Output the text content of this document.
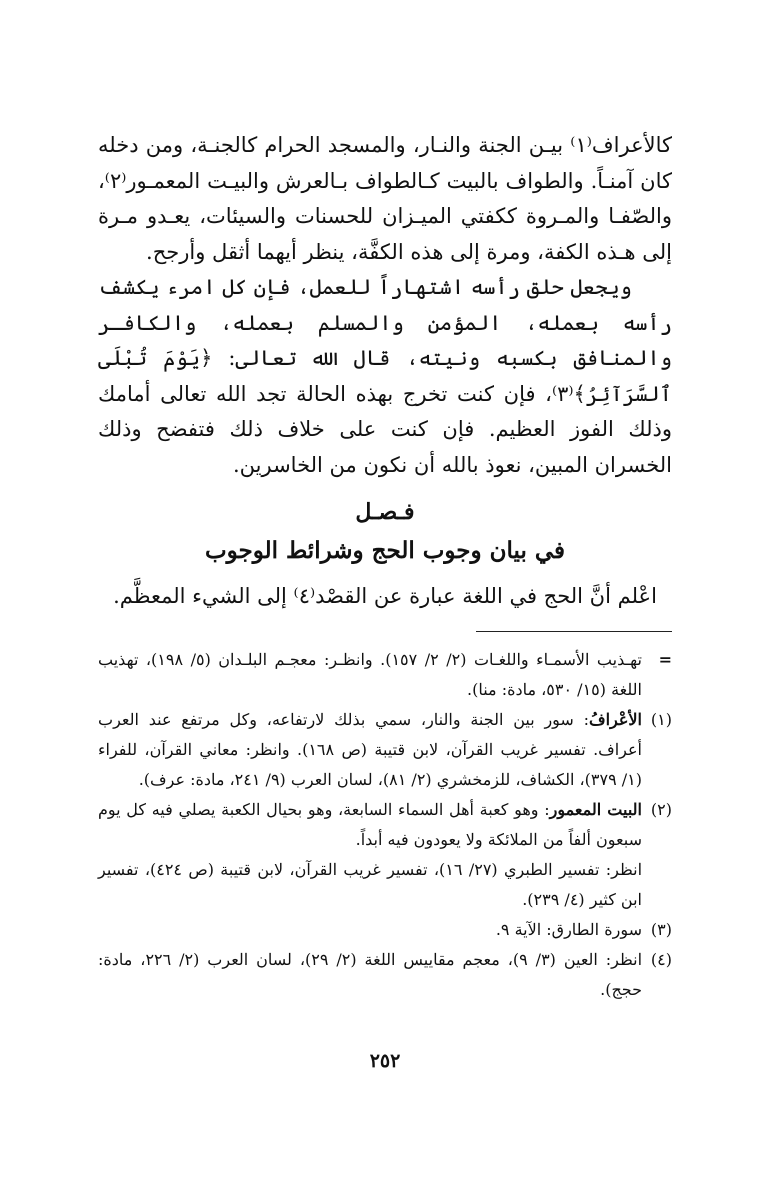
كالأعراف⁽١⁾ بيـن الجنة والنـار، والمسجد الحرام كالجنـة، ومن دخله كان آمنـاً. والطواف بالبيت كـالطواف بـالعرش والبيـت المعمـور⁽٢⁾، والصّفـا والمـروة ككفتي الميـزان للحسنات والسيئات، يعـدو مـرة إلى هـذه الكفة، ومرة إلى هذه الكفَّة، ينظر أيهما أثقل وأرجح.

ويجعل حلق رأسه اشتهاراً للعمل، فإن كل امرء يكشف رأسه بعمله، المؤمن والمسلم بعمله، والكافـر والمنافق بكسبه ونيته، قال الله تعالى: ﴿يَوْمَ تُبْلَى ٱلسَّرَآئِرُ﴾⁽٣⁾، فإن كنت تخرج بهذه الحالة تجد الله تعالى أمامك وذلك الفوز العظيم. فإن كنت على خلاف ذلك فتفضح وذلك الخسران المبين، نعوذ بالله أن نكون من الخاسرين.

فـصـل
في بيان وجوب الحج وشرائط الوجوب
اعْلم أنَّ الحج في اللغة عبارة عن القصْد⁽٤⁾ إلى الشيء المعظَّم.
=

تهـذيب الأسمـاء واللغـات (٢/ ٢/ ١٥٧). وانظـر: معجـم البلـدان (٥/ ١٩٨)، تهذيب اللغة (١٥/ ٥٣٠، مادة: منا).

(١)

الأعْرافُ: سور بين الجنة والنار، سمي بذلك لارتفاعه، وكل مرتفع عند العرب أعراف. تفسير غريب القرآن، لابن قتيبة (ص ١٦٨). وانظر: معاني القرآن، للفراء (١/ ٣٧٩)، الكشاف، للزمخشري (٢/ ٨١)، لسان العرب (٩/ ٢٤١، مادة: عرف).

(٢)

البيت المعمور: وهو كعبة أهل السماء السابعة، وهو بحيال الكعبة يصلي فيه كل يوم سبعون ألفاً من الملائكة ولا يعودون فيه أبداً.

انظر: تفسير الطبري (٢٧/ ١٦)، تفسير غريب القرآن، لابن قتيبة (ص ٤٢٤)، تفسير ابن كثير (٤/ ٢٣٩).

(٣)

سورة الطارق: الآية ٩.

(٤)

انظر: العين (٣/ ٩)، معجم مقاييس اللغة (٢/ ٢٩)، لسان العرب (٢/ ٢٢٦، مادة: حجج).

٢٥٢
